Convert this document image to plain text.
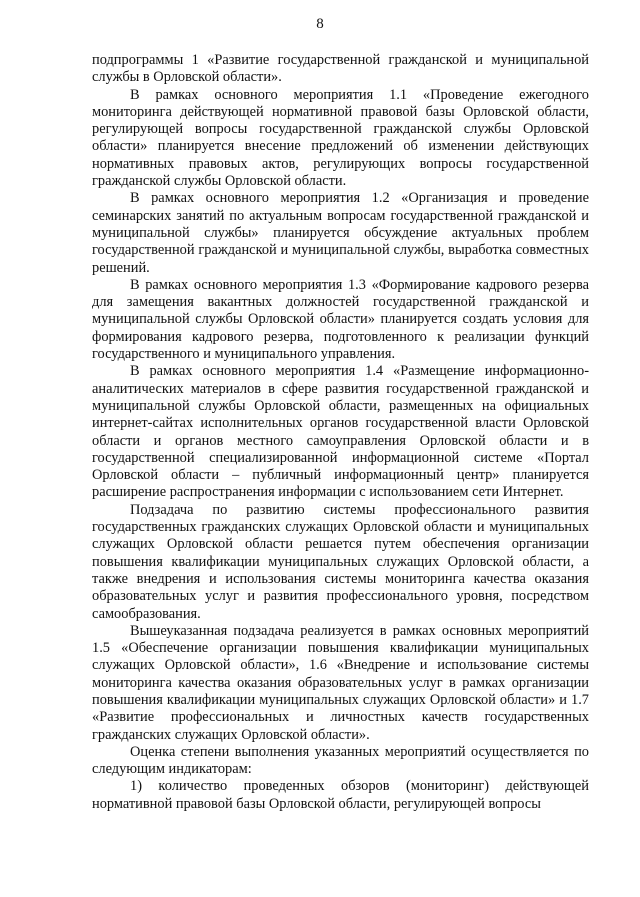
8

подпрограммы 1 «Развитие государственной гражданской и муниципальной службы в Орловской области».

В рамках основного мероприятия 1.1 «Проведение ежегодного мониторинга действующей нормативной правовой базы Орловской области, регулирующей вопросы государственной гражданской службы Орловской области» планируется внесение предложений об изменении действующих нормативных правовых актов, регулирующих вопросы государственной гражданской службы Орловской области.

В рамках основного мероприятия 1.2 «Организация и проведение семинарских занятий по актуальным вопросам государственной гражданской и муниципальной службы» планируется обсуждение актуальных проблем государственной гражданской и муниципальной службы, выработка совместных решений.

В рамках основного мероприятия 1.3 «Формирование кадрового резерва для замещения вакантных должностей государственной гражданской и муниципальной службы Орловской области» планируется создать условия для формирования кадрового резерва, подготовленного к реализации функций государственного и муниципального управления.

В рамках основного мероприятия 1.4 «Размещение информационно-аналитических материалов в сфере развития государственной гражданской и муниципальной службы Орловской области, размещенных на официальных интернет-сайтах исполнительных органов государственной власти Орловской области и органов местного самоуправления Орловской области и в государственной специализированной информационной системе «Портал Орловской области – публичный информационный центр» планируется расширение распространения информации с использованием сети Интернет.

Подзадача по развитию системы профессионального развития государственных гражданских служащих Орловской области и муниципальных служащих Орловской области решается путем обеспечения организации повышения квалификации муниципальных служащих Орловской области, а также внедрения и использования системы мониторинга качества оказания образовательных услуг и развития профессионального уровня, посредством самообразования.

Вышеуказанная подзадача реализуется в рамках основных мероприятий 1.5 «Обеспечение организации повышения квалификации муниципальных служащих Орловской области», 1.6 «Внедрение и использование системы мониторинга качества оказания образовательных услуг в рамках организации повышения квалификации муниципальных служащих Орловской области» и 1.7 «Развитие профессиональных и личностных качеств государственных гражданских служащих Орловской области».

Оценка степени выполнения указанных мероприятий осуществляется по следующим индикаторам:

1) количество проведенных обзоров (мониторинг) действующей нормативной правовой базы Орловской области, регулирующей вопросы
